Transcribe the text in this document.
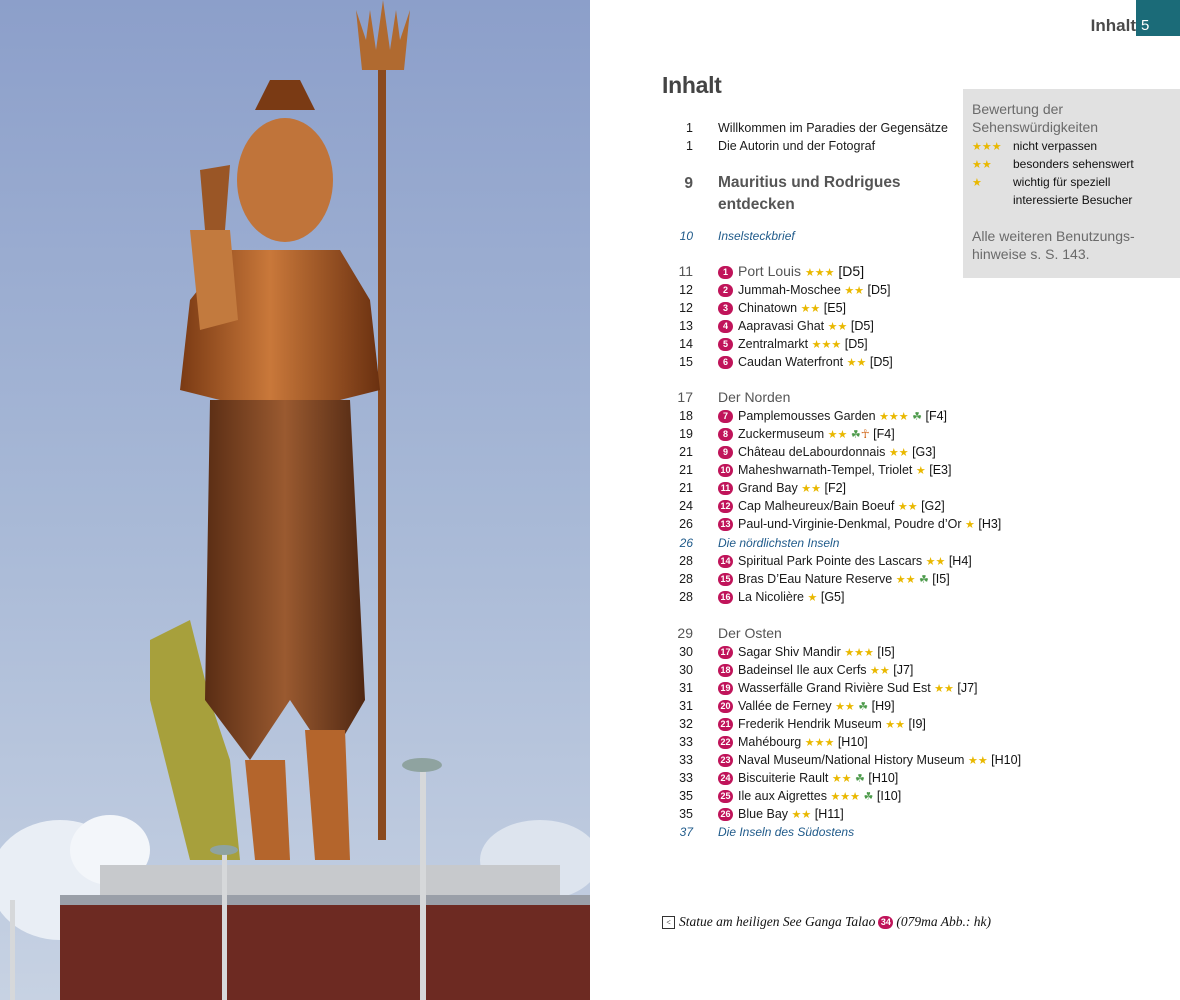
Inhalt 5
Inhalt
Bewertung der
Sehenswürdigkeiten
★★★ nicht verpassen
★★ besonders sehenswert
★	wichtig für speziell
interessierte Besucher
Alle weiteren Benutzungs-
hinweise s. S. 143.
1 Willkommen im Paradies der Gegensätze
1 Die Autorin und der Fotograf
9 Mauritius und Rodrigues entdecken
10 Inselsteckbrief
11	1 Port Louis ★★★ [D5]
12	2 Jummah-Moschee ★★ [D5]
12	3 Chinatown ★★ [E5]
13	4 Aapravasi Ghat ★★ [D5]
14	5 Zentralmarkt ★★★ [D5]
15	6 Caudan Waterfront ★★ [D5]
17 Der Norden
18	7 Pamplemousses Garden ★★★ ☘ [F4]
19	8 Zuckermuseum ★★ ☘☥ [F4]
21	9 Château deLabourdonnais ★★ [G3]
21	10 Maheshwarnath-Tempel, Triolet ★ [E3]
21	11 Grand Bay ★★ [F2]
24	12 Cap Malheureux/Bain Boeuf ★★ [G2]
26	13 Paul-und-Virginie-Denkmal, Poudre d’Or ★ [H3]
26 Die nördlichsten Inseln
28	14 Spiritual Park Pointe des Lascars ★★ [H4]
28	15 Bras D’Eau Nature Reserve ★★ ☘ [I5]
28	16 La Nicolière ★ [G5]
29 Der Osten
30	17 Sagar Shiv Mandir ★★★ [I5]
30	18 Badeinsel Ile aux Cerfs ★★ [J7]
31	19 Wasserfälle Grand Rivière Sud Est ★★ [J7]
31	20 Vallée de Ferney ★★ ☘ [H9]
32	21 Frederik Hendrik Museum ★★ [I9]
33	22 Mahébourg ★★★ [H10]
33	23 Naval Museum/National History Museum ★★ [H10]
33	24 Biscuiterie Rault ★★ ☘ [H10]
35	25 Ile aux Aigrettes ★★★ ☘ [I10]
35	26 Blue Bay ★★ [H11]
37 Die Inseln des Südostens
< Statue am heiligen See Ganga Talao 34 (079ma Abb.: hk)
